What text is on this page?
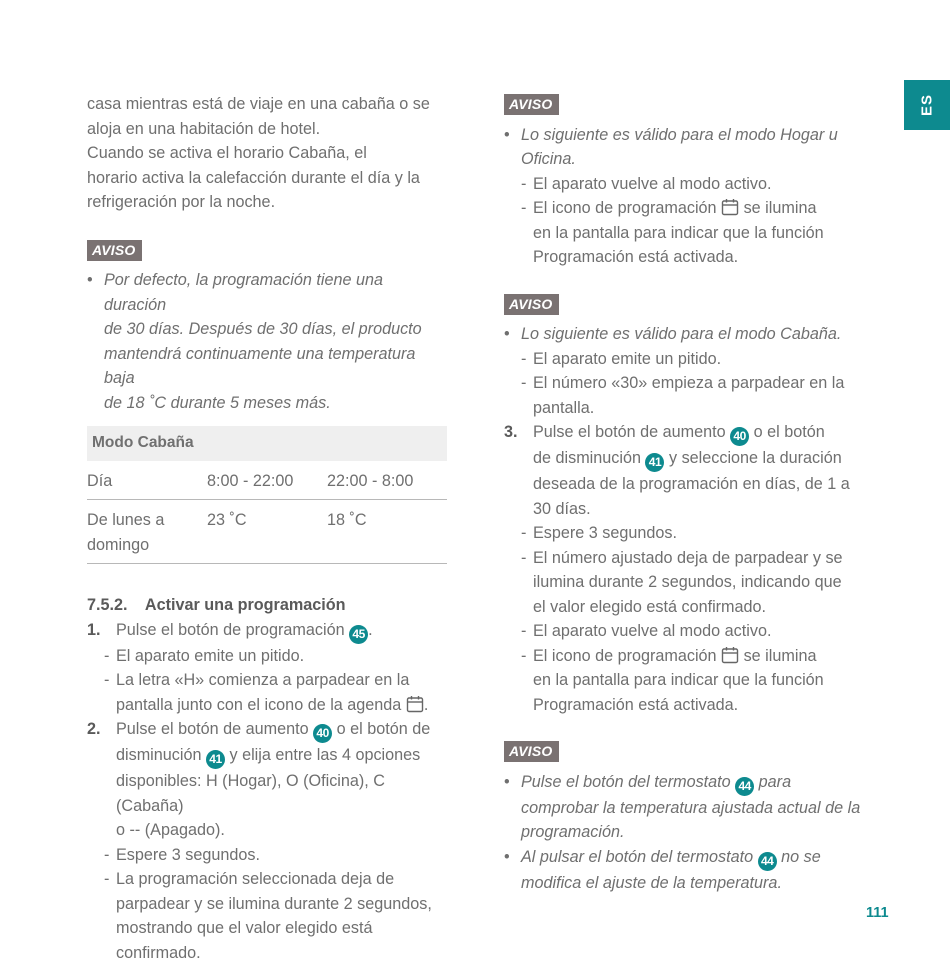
ES

casa mientras está de viaje en una cabaña o se

aloja en una habitación de hotel.

Cuando se activa el horario Cabaña, el

horario activa la calefacción durante el día y la

refrigeración por la noche.

AVISO
• Por defecto, la programación tiene una duración

de 30 días. Después de 30 días, el producto

mantendrá continuamente una temperatura baja

de 18 ˚C durante 5 meses más.

Modo Cabaña		
Día	8:00 - 22:00	22:00 - 8:00
De lunes a domingo	23 ˚C	18 ˚C
7.5.2. Activar una programación
1. Pulse el botón de programación 45 .

- El aparato emite un pitido.

- La letra «H» comienza a parpadear en la

pantalla junto con el icono de la agenda .

2. Pulse el botón de aumento 40 o el botón de

disminución 41 y elija entre las 4 opciones

disponibles: H (Hogar), O (Oficina), C (Cabaña)

o -- (Apagado).

- Espere 3 segundos.

- La programación seleccionada deja de

parpadear y se ilumina durante 2 segundos,

mostrando que el valor elegido está

confirmado.

AVISO
• Lo siguiente es válido para el modo Hogar u

Oficina.

- El aparato vuelve al modo activo.

- El icono de programación se ilumina

en la pantalla para indicar que la función

Programación está activada.

AVISO
• Lo siguiente es válido para el modo Cabaña.

- El aparato emite un pitido.

- El número «30» empieza a parpadear en la

pantalla.

3. Pulse el botón de aumento 40 o el botón

de disminución 41 y seleccione la duración

deseada de la programación en días, de 1 a

30 días.

- Espere 3 segundos.

- El número ajustado deja de parpadear y se

ilumina durante 2 segundos, indicando que

el valor elegido está confirmado.

- El aparato vuelve al modo activo.

- El icono de programación se ilumina

en la pantalla para indicar que la función

Programación está activada.

AVISO
• Pulse el botón del termostato 44 para

comprobar la temperatura ajustada actual de la

programación.

• Al pulsar el botón del termostato 44 no se

modifica el ajuste de la temperatura.

111
